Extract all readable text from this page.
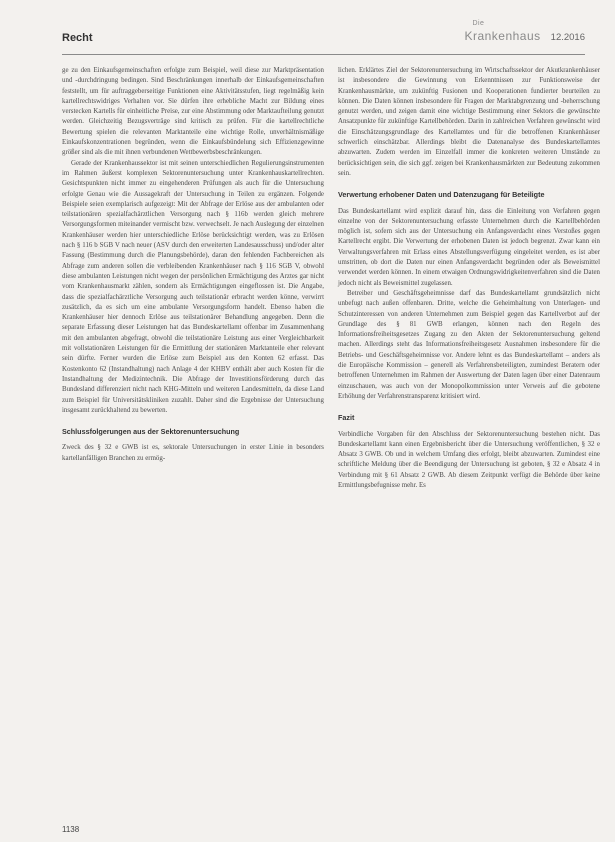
Recht
Die
Krankenhaus 12.2016

ge zu den Einkaufsgemeinschaften erfolgte zum Beispiel, weil diese zur Marktpräsentation und -durchdringung bedingen. Sind Beschränkungen innerhalb der Einkaufsgemeinschaften feststellt, um für auftraggeberseitige Funktionen eine Aktivitätsstufen, liegt regelmäßig kein kartellrechtswidriges Verhalten vor. Sie dürfen ihre erhebliche Macht zur Bildung eines verstecken Kartells für einheitliche Preise, zur eine Abstimmung oder Marktaufteilung genutzt werden. Gleichzeitig Bezugsverträge sind kritisch zu prüfen. Für die kartellrechtliche Bewertung spielen die relevanten Marktanteile eine wichtige Rolle, unverhältnismäßige Einkaufskonzentrationen begründen, wenn die Einkaufsbündelung sich Effizienzgewinne größer sind als die mit ihnen verbundenen Wettbewerbsbeschränkungen.

Gerade der Krankenhaussektor ist mit seinen unterschiedlichen Regulierungsinstrumenten im Rahmen äußerst komplexen Sektorenuntersuchung unter Krankenhauskartellrechten. Gesichtspunkten nicht immer zu eingehenderen Prüfungen als auch für die Untersuchung erfolgte Genau wie die Aussagekraft der Untersuchung in Teilen zu ergänzen. Folgende Beispiele seien exemplarisch aufgezeigt: Mit der Abfrage der Erlöse aus der ambulanten oder teilstationären spezialfachärztlichen Versorgung nach § 116b werden gleich mehrere Versorgungsformen miteinander vermischt bzw. verwechselt. Je nach Auslegung der einzelnen Krankenhäuser werden hier unterschiedliche Erlöse berücksichtigt werden, was zu Erlösen nach § 116 b SGB V nach neuer (ASV durch den erweiterten Landesausschuss) und/oder alter Fassung (Bestimmung durch die Planungsbehörde), daran den fehlenden Fachbereichen als Abfrage zum anderen sollen die verbleibenden Krankenhäuser nach § 116 SGB V, obwohl diese ambulanten Leistungen nicht wegen der persönlichen Ermächtigung des Arztes gar nicht vom Krankenhausmarkt zählen, sondern als Ermächtigungen eingeflossen ist. Die Angabe, dass die spezialfachärztliche Versorgung auch teilstationär erbracht werden könne, verwirrt zusätzlich, da es sich um eine ambulante Versorgungsform handelt. Ebenso haben die Krankenhäuser hier dennoch Erlöse aus teilstationärer Behandlung angegeben. Denn die separate Erfassung dieser Leistungen hat das Bundeskartellamt offenbar im Zusammenhang mit den ambulanten abgefragt, obwohl die teilstationäre Leistung aus einer Vergleichbarkeit mit vollstationären Leistungen für die Ermittlung der stationären Marktanteile eher relevant sein dürfte. Ferner wurden die Erlöse zum Beispiel aus den Konten 62 erfasst. Das Kostenkonto 62 (Instandhaltung) nach Anlage 4 der KHBV enthält aber auch Kosten für die Instandhaltung der Medizintechnik. Die Abfrage der Investitionsförderung durch das Bundesland differenziert nicht nach KHG-Mitteln und weiteren Landesmitteln, da diese Land zum Beispiel für Universitätskliniken zuzahlt. Daher sind die Ergebnisse der Untersuchung insgesamt zurückhaltend zu bewerten.

Schlussfolgerungen aus der Sektorenuntersuchung

Zweck des § 32 e GWB ist es, sektorale Untersuchungen in erster Linie in besonders kartellanfälligen Branchen zu ermög-

lichen. Erklärtes Ziel der Sektorenuntersuchung im Wirtschaftssektor der Akutkrankenhäuser ist insbesondere die Gewinnung von Erkenntnissen zur Funktionsweise der Krankenhausmärkte, um zukünftig Fusionen und Kooperationen fundierter beurteilen zu können. Die Daten können insbesondere für Fragen der Marktabgrenzung und -beherrschung genutzt werden, und zeigen damit eine wichtige Bestimmung einer Sektors die gewünschte Ansatzpunkte für zukünftige Kartellbehörden. Darin in zahlreichen Verfahren gewünscht wird die Einschätzungsgrundlage des Kartellamtes und für die betroffenen Krankenhäuser schwerlich einschätzbar. Allerdings bleibt die Datenanalyse des Bundeskartellamtes abzuwarten. Zudem werden im Einzelfall immer die konkreten weiteren Umstände zu berücksichtigen sein, die sich ggf. zeigen bei Krankenhausmärkten zur Bedeutung zukommen sein.

Verwertung erhobener Daten und Datenzugang für Beteiligte

Das Bundeskartellamt wird explizit darauf hin, dass die Einleitung von Verfahren gegen einzelne von der Sektorenuntersuchung erfasste Unternehmen durch die Kartellbehörden möglich ist, sofern sich aus der Untersuchung ein Anfangsverdacht eines Verstoßes gegen Kartellrecht ergibt. Die Verwertung der erhobenen Daten ist jedoch begrenzt. Zwar kann ein Verwaltungsverfahren mit Erlass eines Abstellungsverfügung eingeleitet werden, es ist aber umstritten, ob dort die Daten nur einen Anfangsverdacht begründen oder als Beweismittel verwendet werden können. In einem etwaigen Ordnungswidrigkeitenverfahren sind die Daten jedoch nicht als Beweismittel zugelassen.

Betreiber und Geschäftsgeheimnisse darf das Bundeskartellamt grundsätzlich nicht unbefugt nach außen offenbaren. Dritte, welche die Geheimhaltung von Unterlagen- und Schutzinteressen von anderen Unternehmen zum Beispiel gegen das Kartellverbot auf der Grundlage des § 81 GWB erlangen, können nach den Regeln des Informationsfreiheitsgesetzes Zugang zu den Akten der Sektorenuntersuchung geltend machen. Allerdings steht das Informationsfreiheitsgesetz Ausnahmen insbesondere für die Betriebs- und Geschäftsgeheimnisse vor. Andere lehnt es das Bundeskartellamt – anders als die Europäische Kommission – generell als Verfahrensbeteiligten, zumindest Beratern oder betroffenen Unternehmen im Rahmen der Auswertung der Daten lagen über einer Datenraum einzuschauen, was auch von der Monopolkommission unter Verweis auf die gebotene Erhöhung der Verfahrenstransparenz kritisiert wird.

Fazit

Verbindliche Vorgaben für den Abschluss der Sektorenuntersuchung bestehen nicht. Das Bundeskartellamt kann einen Ergebnisbericht über die Untersuchung veröffentlichen, § 32 e Absatz 3 GWB. Ob und in welchem Umfang dies erfolgt, bleibt abzuwarten. Zumindest eine schriftliche Meldung über die Beendigung der Untersuchung ist geboten, § 32 e Absatz 4 in Verbindung mit § 61 Absatz 2 GWB. Ab diesem Zeitpunkt verfügt die Behörde über keine Ermittlungsbefugnisse mehr. Es

1138
